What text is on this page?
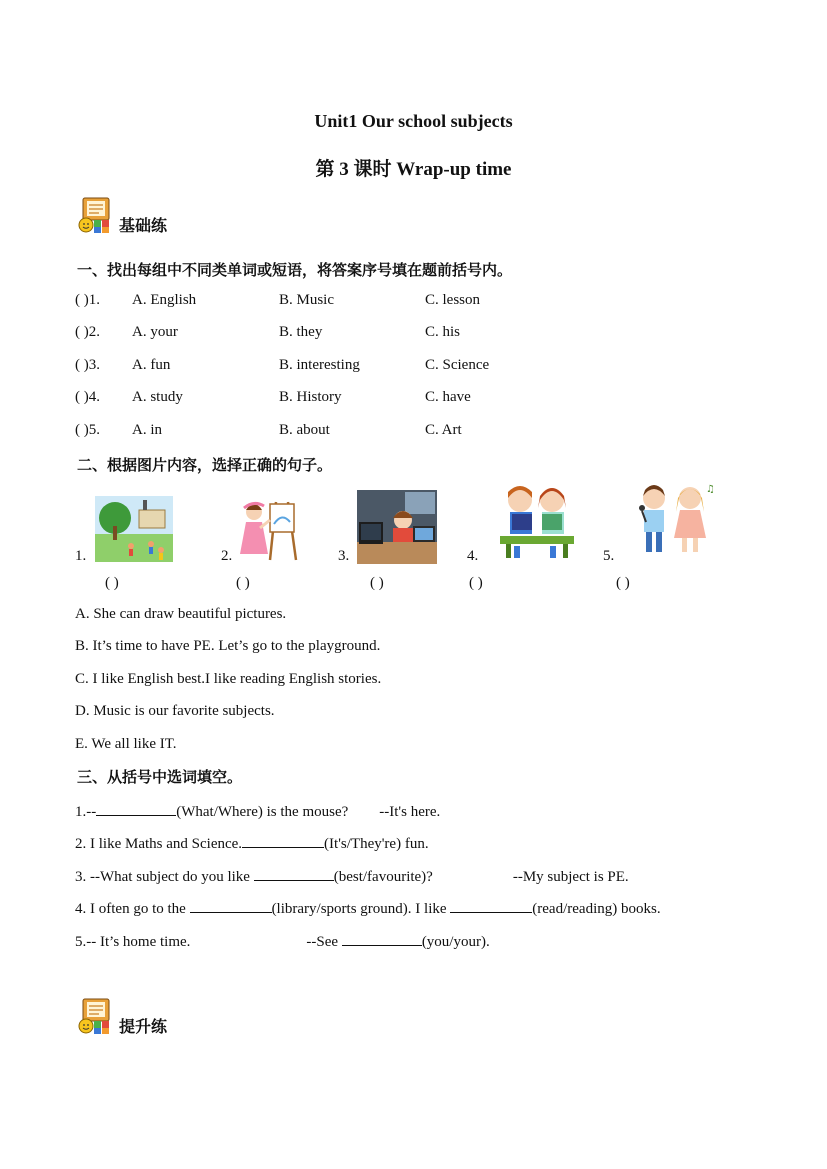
Unit1 Our school subjects
第 3 课时 Wrap-up time
基础练
一、找出每组中不同类单词或短语，将答案序号填在题前括号内。
( )1. A. English	B. Music	C. lesson
( )2. A. your	B. they	C. his
( )3. A. fun	B. interesting	C. Science
( )4. A. study	B. History	C. have
( )5. A. in	B. about	C. Art
二、根据图片内容，选择正确的句子。
1.
( )
2.
( )
3.
( )
4.
( )
5.
♫
( )
A. She can draw beautiful pictures.
B. It’s time to have PE. Let’s go to the playground.
C. I like English best.I like reading English stories.
D. Music is our favorite subjects.
E. We all like IT.
三、从括号中选词填空。
1.--	(What/Where) is the mouse? --It's here.
2. I like Maths and Science.	(It's/They're) fun.
3. --What subject do you like	(best/favourite)?	--My subject is PE.
4. I often go to the	(library/sports ground). I like	(read/reading) books.
5.-- It’s home time.	--See	(you/your).
提升练
